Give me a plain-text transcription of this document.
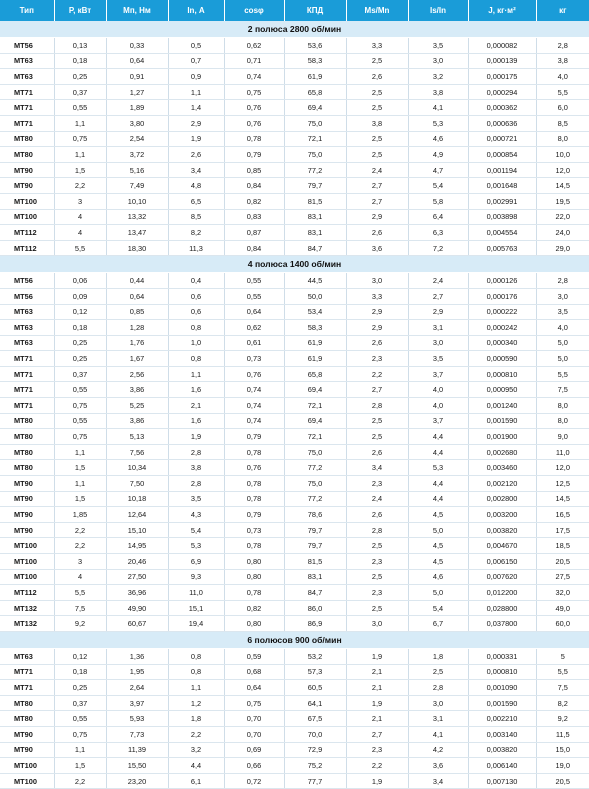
Тип	P, кВт	Mп, Нм	In, А	cosφ	КПД	Ms/Mn	Is/In	J, кг·м²	кг
2 полюса 2800 об/мин									
МТ56	0,13	0,33	0,5	0,62	53,6	3,3	3,5	0,000082	2,8
МТ63	0,18	0,64	0,7	0,71	58,3	2,5	3,0	0,000139	3,8
МТ63	0,25	0,91	0,9	0,74	61,9	2,6	3,2	0,000175	4,0
МТ71	0,37	1,27	1,1	0,75	65,8	2,5	3,8	0,000294	5,5
МТ71	0,55	1,89	1,4	0,76	69,4	2,5	4,1	0,000362	6,0
МТ71	1,1	3,80	2,9	0,76	75,0	3,8	5,3	0,000636	8,5
МТ80	0,75	2,54	1,9	0,78	72,1	2,5	4,6	0,000721	8,0
МТ80	1,1	3,72	2,6	0,79	75,0	2,5	4,9	0,000854	10,0
МТ90	1,5	5,16	3,4	0,85	77,2	2,4	4,7	0,001194	12,0
МТ90	2,2	7,49	4,8	0,84	79,7	2,7	5,4	0,001648	14,5
МТ100	3	10,10	6,5	0,82	81,5	2,7	5,8	0,002991	19,5
МТ100	4	13,32	8,5	0,83	83,1	2,9	6,4	0,003898	22,0
МТ112	4	13,47	8,2	0,87	83,1	2,6	6,3	0,004554	24,0
МТ112	5,5	18,30	11,3	0,84	84,7	3,6	7,2	0,005763	29,0
4 полюса 1400 об/мин									
МТ56	0,06	0,44	0,4	0,55	44,5	3,0	2,4	0,000126	2,8
МТ56	0,09	0,64	0,6	0,55	50,0	3,3	2,7	0,000176	3,0
МТ63	0,12	0,85	0,6	0,64	53,4	2,9	2,9	0,000222	3,5
МТ63	0,18	1,28	0,8	0,62	58,3	2,9	3,1	0,000242	4,0
МТ63	0,25	1,76	1,0	0,61	61,9	2,6	3,0	0,000340	5,0
МТ71	0,25	1,67	0,8	0,73	61,9	2,3	3,5	0,000590	5,0
МТ71	0,37	2,56	1,1	0,76	65,8	2,2	3,7	0,000810	5,5
МТ71	0,55	3,86	1,6	0,74	69,4	2,7	4,0	0,000950	7,5
МТ71	0,75	5,25	2,1	0,74	72,1	2,8	4,0	0,001240	8,0
МТ80	0,55	3,86	1,6	0,74	69,4	2,5	3,7	0,001590	8,0
МТ80	0,75	5,13	1,9	0,79	72,1	2,5	4,4	0,001900	9,0
МТ80	1,1	7,56	2,8	0,78	75,0	2,6	4,4	0,002680	11,0
МТ80	1,5	10,34	3,8	0,76	77,2	3,4	5,3	0,003460	12,0
МТ90	1,1	7,50	2,8	0,78	75,0	2,3	4,4	0,002120	12,5
МТ90	1,5	10,18	3,5	0,78	77,2	2,4	4,4	0,002800	14,5
МТ90	1,85	12,64	4,3	0,79	78,6	2,6	4,5	0,003200	16,5
МТ90	2,2	15,10	5,4	0,73	79,7	2,8	5,0	0,003820	17,5
МТ100	2,2	14,95	5,3	0,78	79,7	2,5	4,5	0,004670	18,5
МТ100	3	20,46	6,9	0,80	81,5	2,3	4,5	0,006150	20,5
МТ100	4	27,50	9,3	0,80	83,1	2,5	4,6	0,007620	27,5
МТ112	5,5	36,96	11,0	0,78	84,7	2,3	5,0	0,012200	32,0
МТ132	7,5	49,90	15,1	0,82	86,0	2,5	5,4	0,028800	49,0
МТ132	9,2	60,67	19,4	0,80	86,9	3,0	6,7	0,037800	60,0
6 полюсов 900 об/мин									
МТ63	0,12	1,36	0,8	0,59	53,2	1,9	1,8	0,000331	5
МТ71	0,18	1,95	0,8	0,68	57,3	2,1	2,5	0,000810	5,5
МТ71	0,25	2,64	1,1	0,64	60,5	2,1	2,8	0,001090	7,5
МТ80	0,37	3,97	1,2	0,75	64,1	1,9	3,0	0,001590	8,2
МТ80	0,55	5,93	1,8	0,70	67,5	2,1	3,1	0,002210	9,2
МТ90	0,75	7,73	2,2	0,70	70,0	2,7	4,1	0,003140	11,5
МТ90	1,1	11,39	3,2	0,69	72,9	2,3	4,2	0,003820	15,0
МТ100	1,5	15,50	4,4	0,66	75,2	2,2	3,6	0,006140	19,0
МТ100	2,2	23,20	6,1	0,72	77,7	1,9	3,4	0,007130	20,5
